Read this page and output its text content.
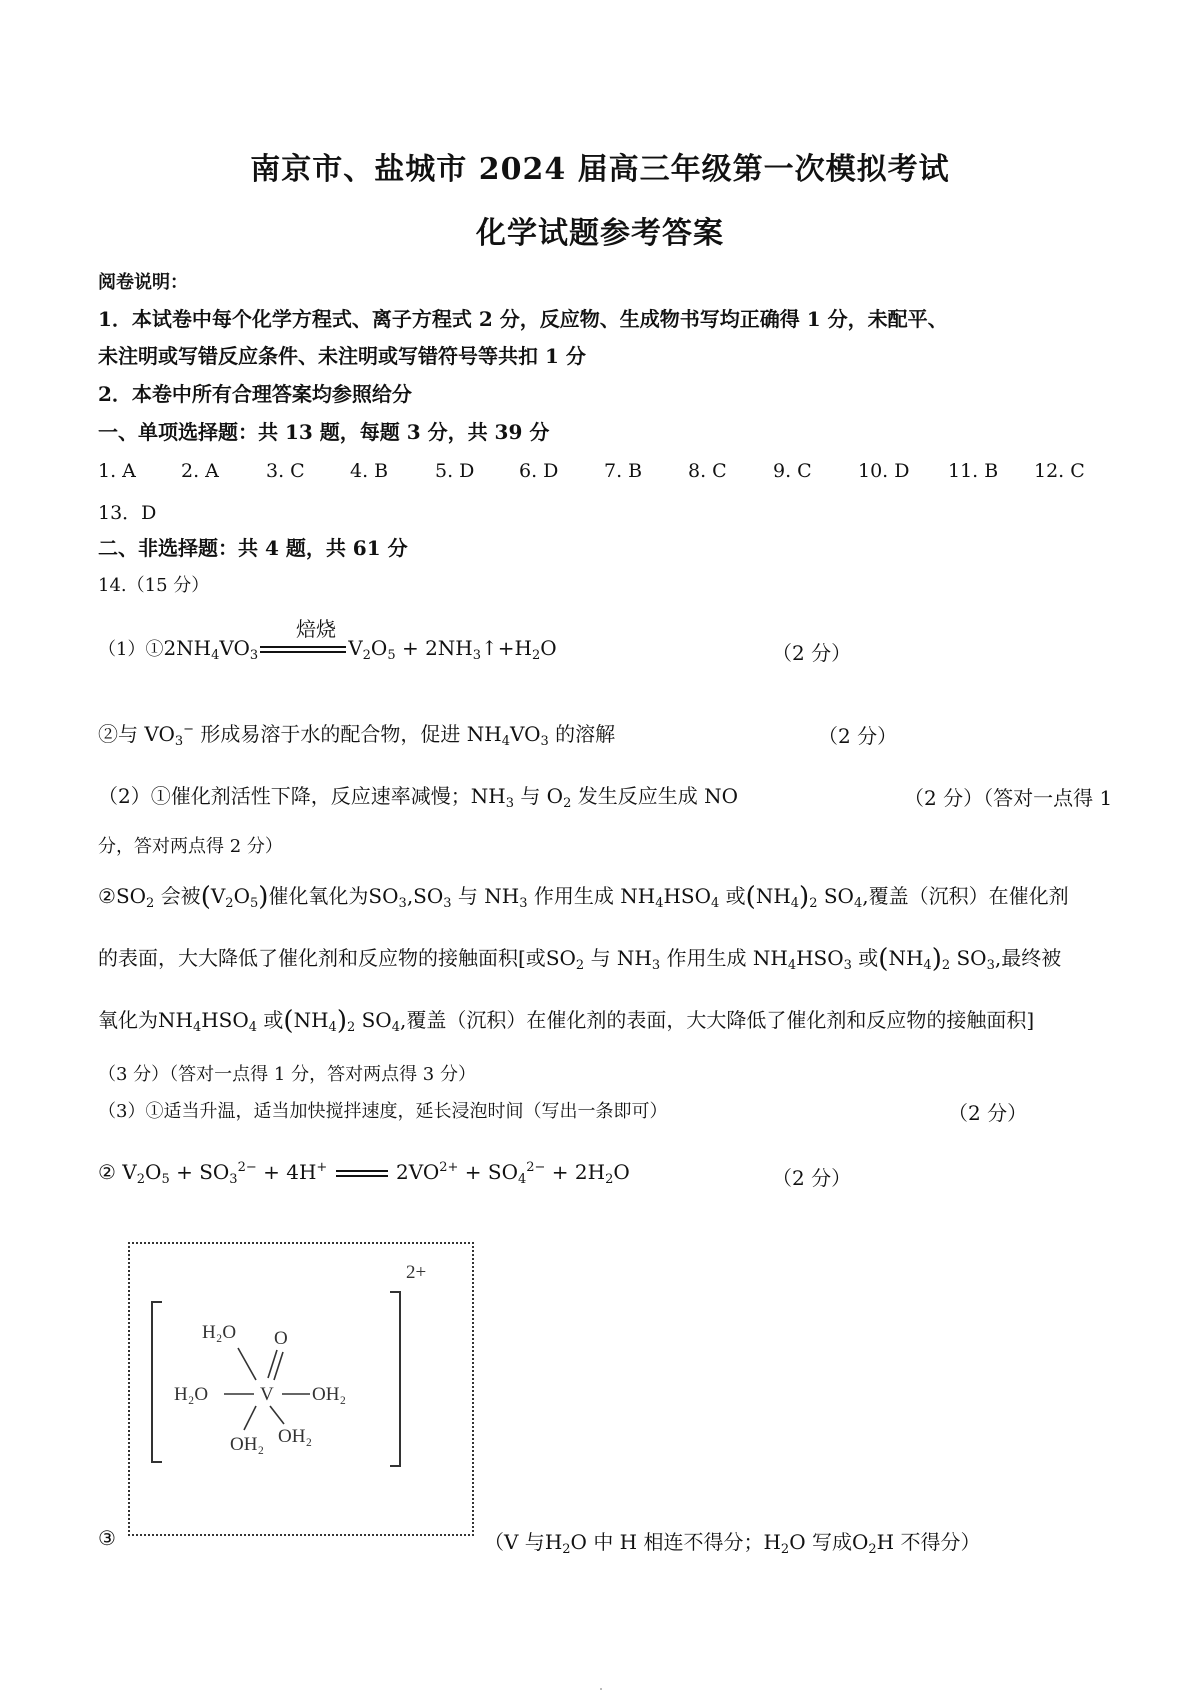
南京市、盐城市 2024 届高三年级第一次模拟考试
化学试题参考答案
阅卷说明：
1．本试卷中每个化学方程式、离子方程式 2 分，反应物、生成物书写均正确得 1 分，未配平、
未注明或写错反应条件、未注明或写错符号等共扣 1 分
2．本卷中所有合理答案均参照给分
一、单项选择题：共 13 题，每题 3 分，共 39 分
1. A 2. A 3. C 4. B 5. D 6. D 7. B 8. C 9. C 10. D 11. B 12. C
13．D
二、非选择题：共 4 题，共 61 分
14.（15 分）
焙烧
$(1)①2NH_4VO_3$	$V_2O_5$ + $2NH_3↑+H_2O$	（2 分）
②与 $VO_3^-$ 形成易溶于水的配合物，促进 $NH_4VO_3$ 的溶解	（2 分）
（2）①催化剂活性下降，反应速率减慢；$NH_3$ 与 $O_2$ 发生反应生成 NO	（2 分）（答对一点得 1
分，答对两点得 2 分）
$②SO_2$ 会被$(V_2O_5)$催化氧化为$SO_3,SO_3$ 与 $NH_3$ 作用生成 $NH_4HSO_4$ 或$(NH_4)_2$ $SO_4$,覆盖（沉积）在催化剂
的表面，大大降低了催化剂和反应物的接触面积[或$SO_2$ 与 $NH_3$ 作用生成 $NH_4HSO_3$ 或$(NH_4)_2$ $SO_3$,最终被
氧化为$NH_4HSO_4$ 或$(NH_4)_2$ $SO_4$,覆盖（沉积）在催化剂的表面，大大降低了催化剂和反应物的接触面积]
（3 分）（答对一点得 1 分，答对两点得 3 分）
（3）①适当升温，适当加快搅拌速度，延长浸泡时间（写出一条即可）	（2 分）
② $V_2O_5 + SO_3^{2-} + 4H^+$	$2VO^{2+} + SO_4^{2-} + 2H_2O$	（2 分）
H₂O O
H₂O	V OH₂
OH₂ OH₂
2+
③	（V 与$H_2O$ 中 H 相连不得分；$H_2O$ 写成$O_2H$ 不得分）
